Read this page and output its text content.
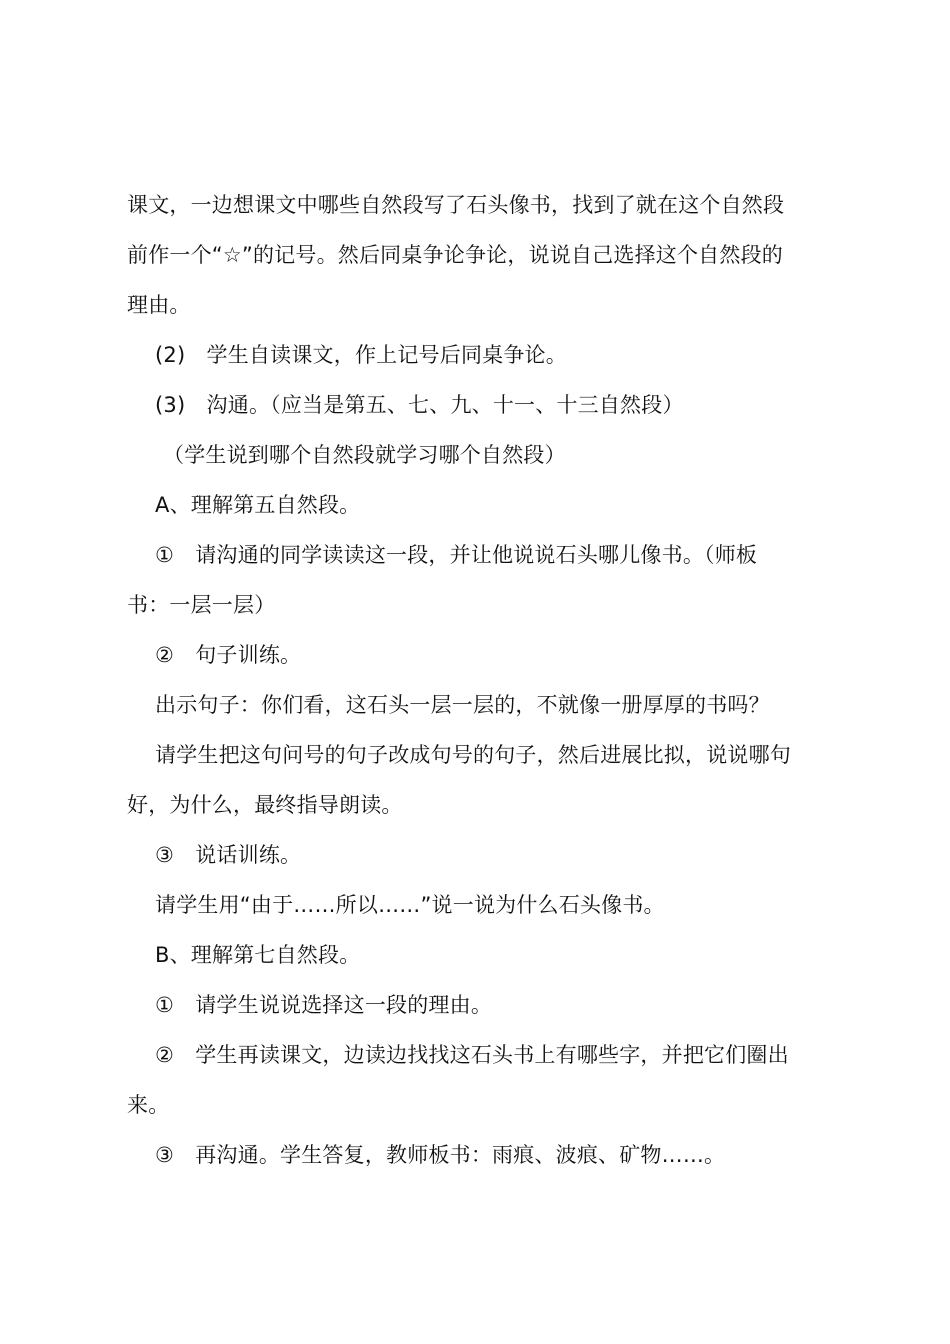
课文，一边想课文中哪些自然段写了石头像书，找到了就在这个自然段
前作一个“☆”的记号。然后同桌争论争论，说说自己选择这个自然段的
理由。
(2)　学生自读课文，作上记号后同桌争论。
(3)　沟通。（应当是第五、七、九、十一、十三自然段）
（学生说到哪个自然段就学习哪个自然段）
A、理解第五自然段。
①　请沟通的同学读读这一段，并让他说说石头哪儿像书。（师板
书：一层一层）
②　句子训练。
出示句子：你们看，这石头一层一层的，不就像一册厚厚的书吗？
请学生把这句问号的句子改成句号的句子，然后进展比拟，说说哪句
好，为什么，最终指导朗读。
③　说话训练。
请学生用“由于……所以……”说一说为什么石头像书。
B、理解第七自然段。
①　请学生说说选择这一段的理由。
②　学生再读课文，边读边找找这石头书上有哪些字，并把它们圈出
来。
③　再沟通。学生答复，教师板书：雨痕、波痕、矿物……。
